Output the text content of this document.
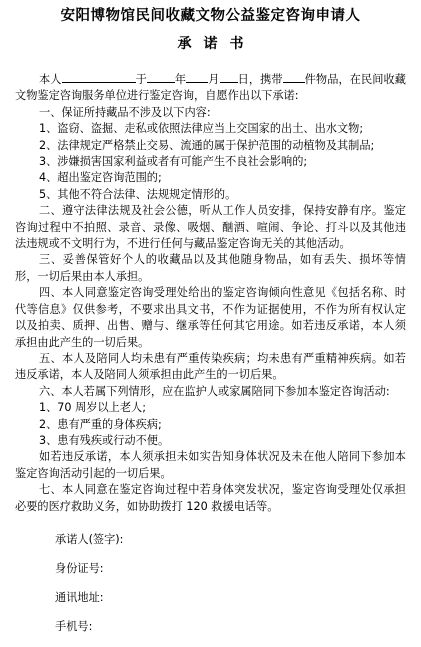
安阳博物馆民间收藏文物公益鉴定咨询申请人
承诺书

本人	于	年 月 日，携带 件物品，在民间收藏文物鉴定咨询服务单位进行鉴定咨询，自愿作出以下承诺:

一、保证所持藏品不涉及以下内容:

1、盗窃、盗掘、走私或依照法律应当上交国家的出土、出水文物;

2、法律规定严格禁止交易、流通的属于保护范围的动植物及其制品;

3、涉嫌损害国家利益或者有可能产生不良社会影响的;

4、超出鉴定咨询范围的;

5、其他不符合法律、法规规定情形的。

二、遵守法律法规及社会公德，听从工作人员安排，保持安静有序。鉴定咨询过程中不拍照、录音、录像、吸烟、酗酒、喧闹、争论、打斗以及其他违法违规或不文明行为，不进行任何与藏品鉴定咨询无关的其他活动。

三、妥善保管好个人的收藏品以及其他随身物品，如有丢失、损坏等情形，一切后果由本人承担。

四、本人同意鉴定咨询受理处给出的鉴定咨询倾向性意见《包括名称、时代等信息》仅供参考，不要求出具文书，不作为证据使用，不作为所有权认定以及拍卖、质押、出售、赠与、继承等任何其它用途。如若违反承诺，本人须承担由此产生的一切后果。

五、本人及陪同人均未患有严重传染疾病；均未患有严重精神疾病。如若违反承诺，本人及陪同人须承担由此产生的一切后果。

六、本人若属下列情形，应在监护人或家属陪同下参加本鉴定咨询活动:

1、70 周岁以上老人;

2、患有严重的身体疾病;

3、患有残疾或行动不便。

如若违反承诺，本人须承担未如实告知身体状况及未在他人陪同下参加本鉴定咨询活动引起的一切后果。

七、本人同意在鉴定咨询过程中若身体突发状况，鉴定咨询受理处仅承担必要的医疗救助义务，如协助拨打 120 救援电话等。

承诺人(签字):
身份证号:
通讯地址:
手机号:
